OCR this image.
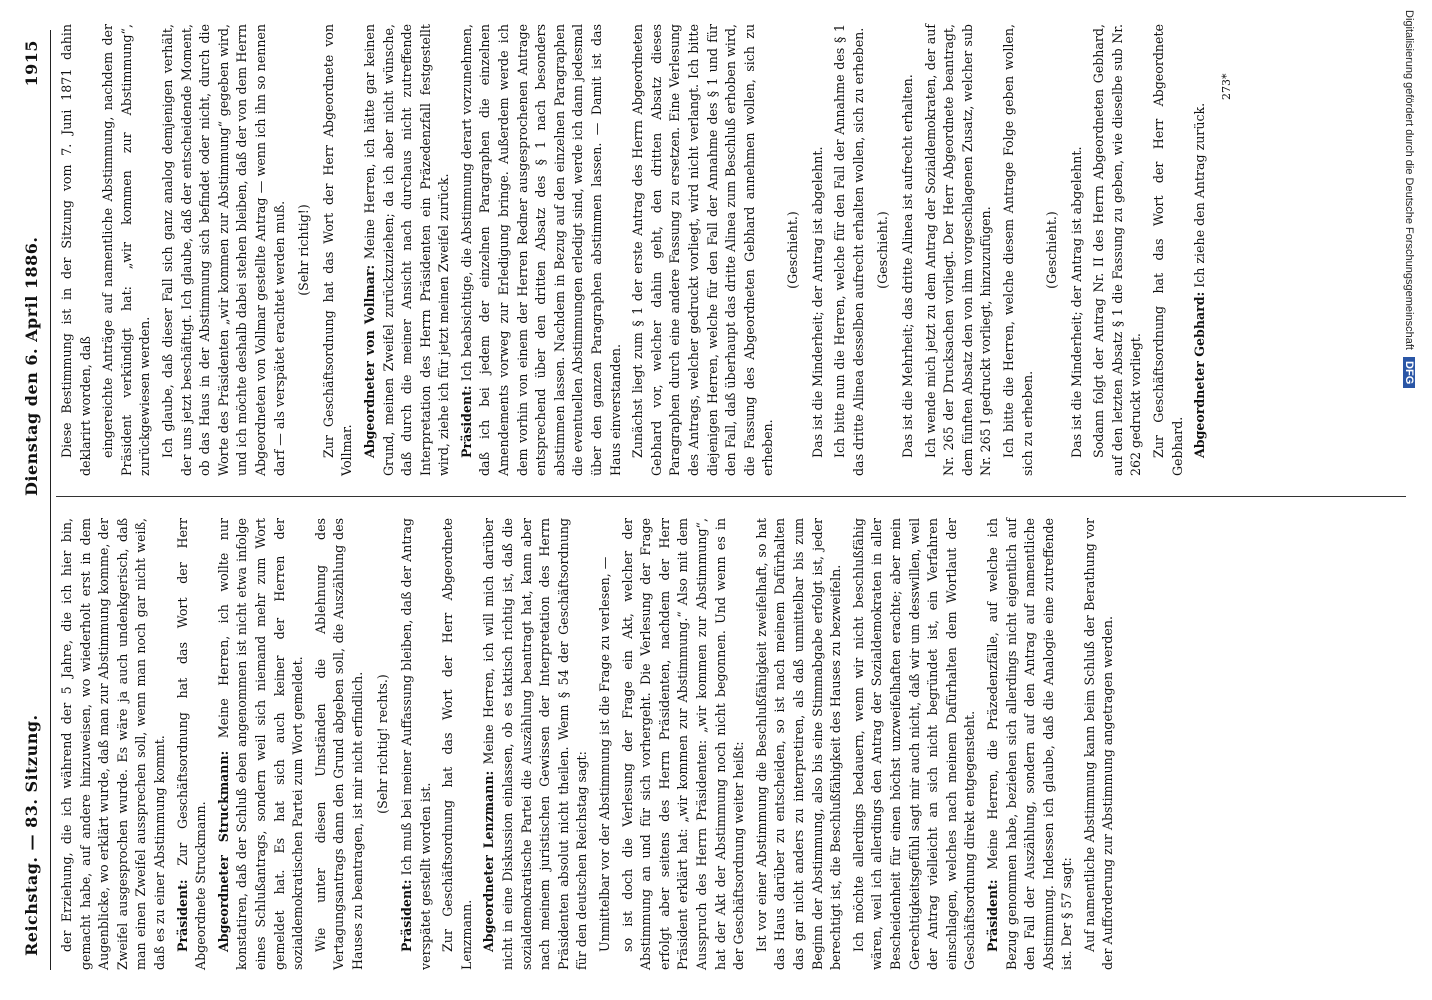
Reichstag. — 83. Sitzung.
Dienstag den 6. April 1886.
1915

der Erziehung, die ich während der 5 Jahre, die ich hier bin, gemacht habe, auf andere hinzuweisen, wo wiederholt erst in dem Augenblicke, wo erklärt wurde, daß man zur Abstimmung komme, der Zweifel ausgesprochen wurde. Es wäre ja auch undenkgerisch, daß man einen Zweifel aussprechen soll, wenn man noch gar nicht weiß, daß es zu einer Abstimmung kommt. Präsident: Zur Geschäftsordnung hat das Wort der Herr Abgeordnete Struckmann. Abgeordneter Struckmann: Meine Herren, ich wollte nur konstatiren, daß der Schluß eben angenommen ist nicht etwa infolge eines Schlußantrags, sondern weil sich niemand mehr zum Wort gemeldet hat. Es hat sich auch keiner der Herren der sozialdemokratischen Partei zum Wort gemeldet. Wie unter diesen Umständen die Ablehnung des Vertagungsantrags dann den Grund abgeben soll, die Auszählung des Hauses zu beantragen, ist mir nicht erfindlich. (Sehr richtig! rechts.)

Präsident: Ich muß bei meiner Auffassung bleiben, daß der Antrag verspätet gestellt worden ist. Zur Geschäftsordnung hat das Wort der Herr Abgeordnete Lenzmann. Abgeordneter Lenzmann: Meine Herren, ich will mich darüber nicht in eine Diskussion einlassen, ob es taktisch richtig ist, daß die sozialdemokratische Partei die Auszählung beantragt hat, kann aber nach meinem juristischen Gewissen der Interpretation des Herrn Präsidenten absolut nicht theilen. Wenn § 54 der Geschäftsordnung für den deutschen Reichstag sagt: Unmittelbar vor der Abstimmung ist die Frage zu verlesen, — so ist doch die Verlesung der Frage ein Akt, welcher der Abstimmung an und für sich vorhergeht. Die Verlesung der Frage erfolgt aber seitens des Herrn Präsidenten, nachdem der Herr Präsident erklärt hat: „wir kommen zur Abstimmung.“ Also mit dem Ausspruch des Herrn Präsidenten: „wir kommen zur Abstimmung“, hat der Akt der Abstimmung noch nicht begonnen. Und wenn es in der Geschäftsordnung weiter heißt: Ist vor einer Abstimmung die Beschlußfähigkeit zweifelhaft, so hat das Haus darüber zu entscheiden, so ist nach meinem Dafürhalten das gar nicht anders zu interpretiren, als daß unmittelbar bis zum Beginn der Abstimmung, also bis eine Stimmabgabe erfolgt ist, jeder berechtigt ist, die Beschlußfähigkeit des Hauses zu bezweifeln. Ich möchte allerdings bedauern, wenn wir nicht beschlußfähig wären, weil ich allerdings den Antrag der Sozialdemokraten in aller Bescheidenheit für einen höchst unzweifelhaften erachte; aber mein Gerechtigkeitsgefühl sagt mir auch nicht, daß wir um desswillen, weil der Antrag vielleicht an sich nicht begründet ist, ein Verfahren einschlagen, welches nach meinem Dafürhalten dem Wortlaut der Geschäftsordnung direkt entgegensteht. Präsident: Meine Herren, die Präzedenzfälle, auf welche ich Bezug genommen habe, beziehen sich allerdings nicht eigentlich auf den Fall der Auszählung, sondern auf den Antrag auf namentliche Abstimmung. Indessen ich glaube, daß die Analogie eine zutreffende ist. Der § 57 sagt: Auf namentliche Abstimmung kann beim Schluß der Berathung vor der Aufforderung zur Abstimmung angetragen werden.

Diese Bestimmung ist in der Sitzung vom 7. Juni 1871 dahin deklarirt worden, daß eingereichte Anträge auf namentliche Abstimmung, nachdem der Präsident verkündigt hat: „wir kommen zur Abstimmung“, zurückgewiesen werden. Ich glaube, daß dieser Fall sich ganz analog demjenigen verhält, der uns jetzt beschäftigt. Ich glaube, daß der entscheidende Moment, ob das Haus in der Abstimmung sich befindet oder nicht, durch die Worte des Präsidenten „wir kommen zur Abstimmung“ gegeben wird, und ich möchte deshalb dabei stehen bleiben, daß der von dem Herrn Abgeordneten von Vollmar gestellte Antrag — wenn ich ihn so nennen darf — als verspätet erachtet werden muß. (Sehr richtig!) Zur Geschäftsordnung hat das Wort der Herr Abgeordnete von Vollmar. Abgeordneter von Vollmar: Meine Herren, ich hätte gar keinen Grund, meinen Zweifel zurückzuziehen; da ich aber nicht wünsche, daß durch die meiner Ansicht nach durchaus nicht zutreffende Interpretation des Herrn Präsidenten ein Präzedenzfall festgestellt wird, ziehe ich für jetzt meinen Zweifel zurück. Präsident: Ich beabsichtige, die Abstimmung derart vorzunehmen, daß ich bei jedem der einzelnen Paragraphen die einzelnen Amendements vorweg zur Erledigung bringe. Außerdem werde ich dem vorhin von einem der Herren Redner ausgesprochenen Antrage entsprechend über den dritten Absatz des § 1 nach besonders abstimmen lassen. Nachdem in Bezug auf den einzelnen Paragraphen die eventuellen Abstimmungen erledigt sind, werde ich dann jedesmal über den ganzen Paragraphen abstimmen lassen. — Damit ist das Haus einverstanden. Zunächst liegt zum § 1 der erste Antrag des Herrn Abgeordneten Gebhard vor, welcher dahin geht, den dritten Absatz dieses Paragraphen durch eine andere Fassung zu ersetzen. Eine Verlesung des Antrags, welcher gedruckt vorliegt, wird nicht verlangt. Ich bitte diejenigen Herren, welche für den Fall der Annahme des § 1 und für den Fall, daß überhaupt das dritte Alinea zum Beschluß erhoben wird, die Fassung des Abgeordneten Gebhard annehmen wollen, sich zu erheben.

(Geschieht.) Das ist die Minderheit; der Antrag ist abgelehnt. Ich bitte nun die Herren, welche für den Fall der Annahme des § 1 das dritte Alinea desselben aufrecht erhalten wollen, sich zu erheben. (Geschieht.) Das ist die Mehrheit; das dritte Alinea ist aufrecht erhalten. Ich wende mich jetzt zu dem Antrag der Sozialdemokraten, der auf Nr. 265 der Drucksachen vorliegt. Der Herr Abgeordnete beantragt, dem fünften Absatz den von ihm vorgeschlagenen Zusatz, welcher sub Nr. 265 I gedruckt vorliegt, hinzuzufügen. Ich bitte die Herren, welche diesem Antrage Folge geben wollen, sich zu erheben.

(Geschieht.) Das ist die Minderheit; der Antrag ist abgelehnt. Sodann folgt der Antrag Nr. II des Herrn Abgeordneten Gebhard, auf den letzten Absatz § 1 die Fassung zu geben, wie dieselbe sub Nr. 262 gedruckt vorliegt. Zur Geschäftsordnung hat das Wort der Herr Abgeordnete Gebhard. Abgeordneter Gebhard: Ich ziehe den Antrag zurück.

273*	Digitalisierung gefördert durch die Deutsche Forschungsgemeinschaft DFG
